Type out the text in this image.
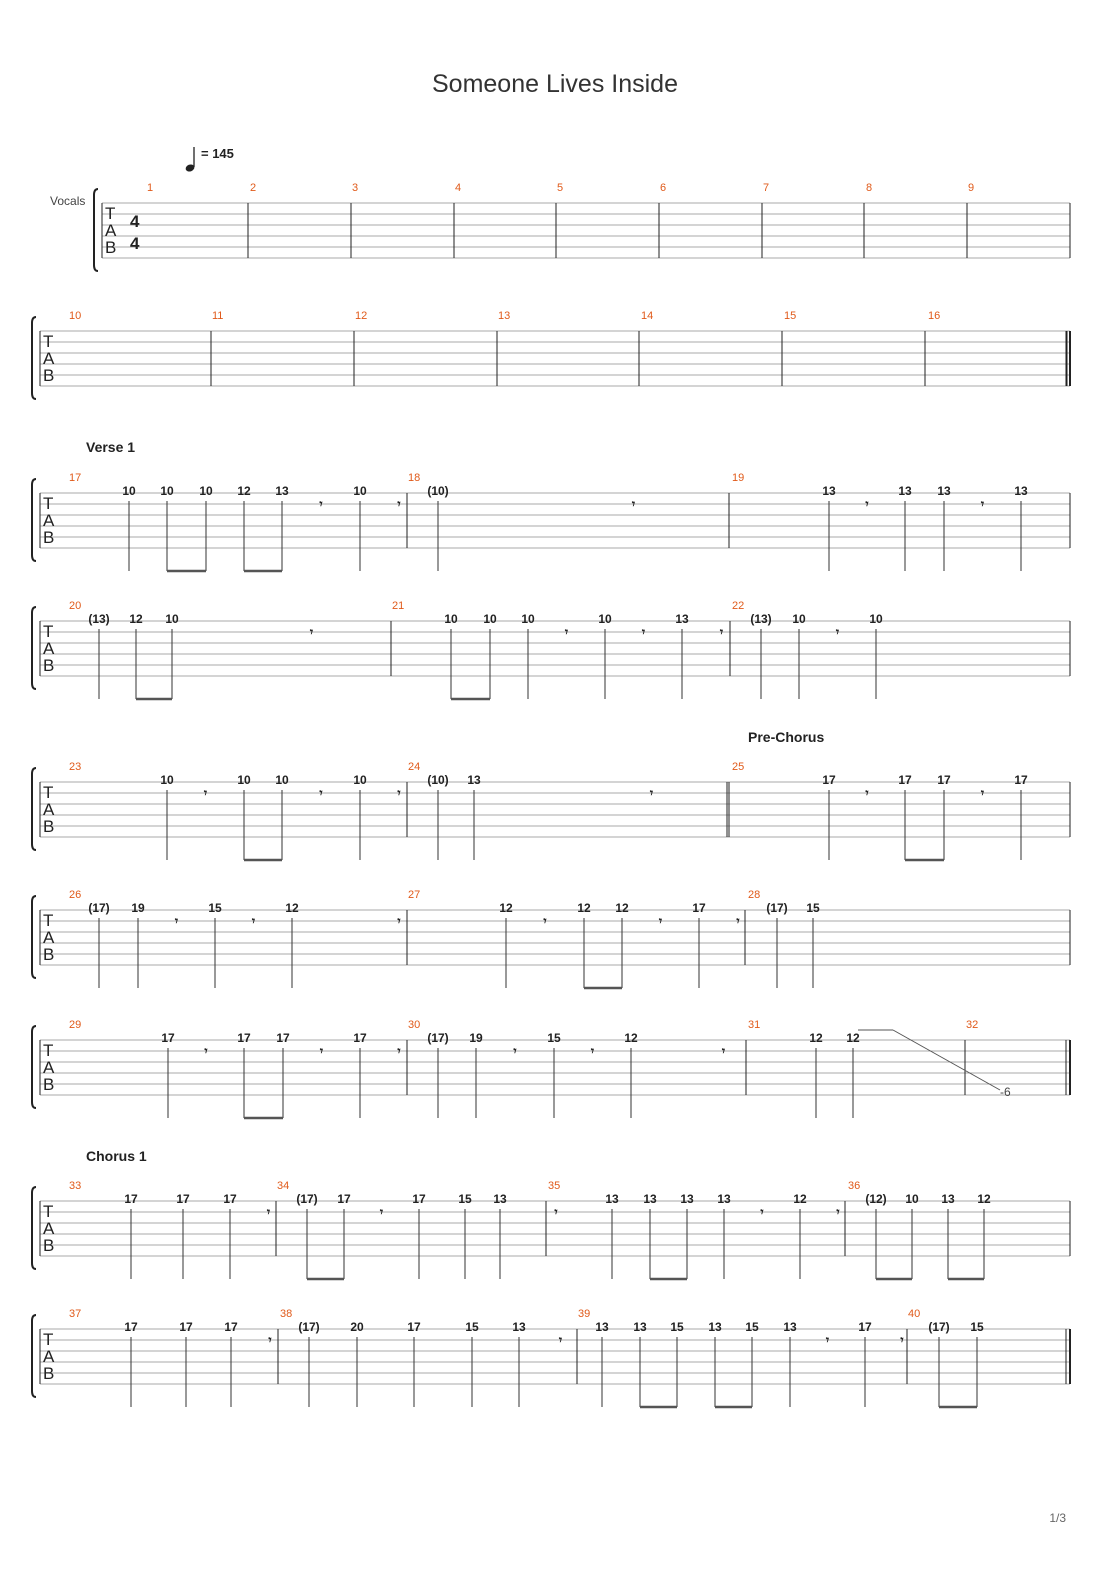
Someone Lives Inside
1/3
= 145
Vocals
Verse 1
Pre-Chorus
Chorus 1
T
A
B
4
4
1	2	3	4	5	6	7	8	9
T
A
B
10	11	12	13	14	15	16
T
A
B
17	18	19
10 10 10 12 13	10	(10)	13	13 13	13
𝄾	𝄾	𝄾	𝄾	𝄾
T
A
B
20	21	22
(13) 12 10	10 10 10	10	13	(13) 10	10
𝄾	𝄾	𝄾	𝄾	𝄾
T
A
B
23	24	25
10	10 10	10	(10) 13	17	17 17	17
𝄾	𝄾	𝄾	𝄾	𝄾	𝄾
T
A
B
26	27	28
(17) 19	15	12	12	12 12	17	(17) 15
𝄾	𝄾	𝄾	𝄾	𝄾	𝄾
T
A
B
29	30	31	32
17	17 17	17	(17) 19	15	12	12 12
𝄾	𝄾	𝄾	𝄾	𝄾	𝄾
T
A
B
33	34	35	36
17	17	17	(17) 17	17	15 13	13 13 13 13	12	(12) 10 13 12
𝄾	𝄾	𝄾	𝄾	𝄾
T
A
B
37	38	39	40
17	17	17	(17)	20	17	15	13	13 13 15 13 15 13	17	(17) 15
𝄾	𝄾	𝄾	𝄾
-6
